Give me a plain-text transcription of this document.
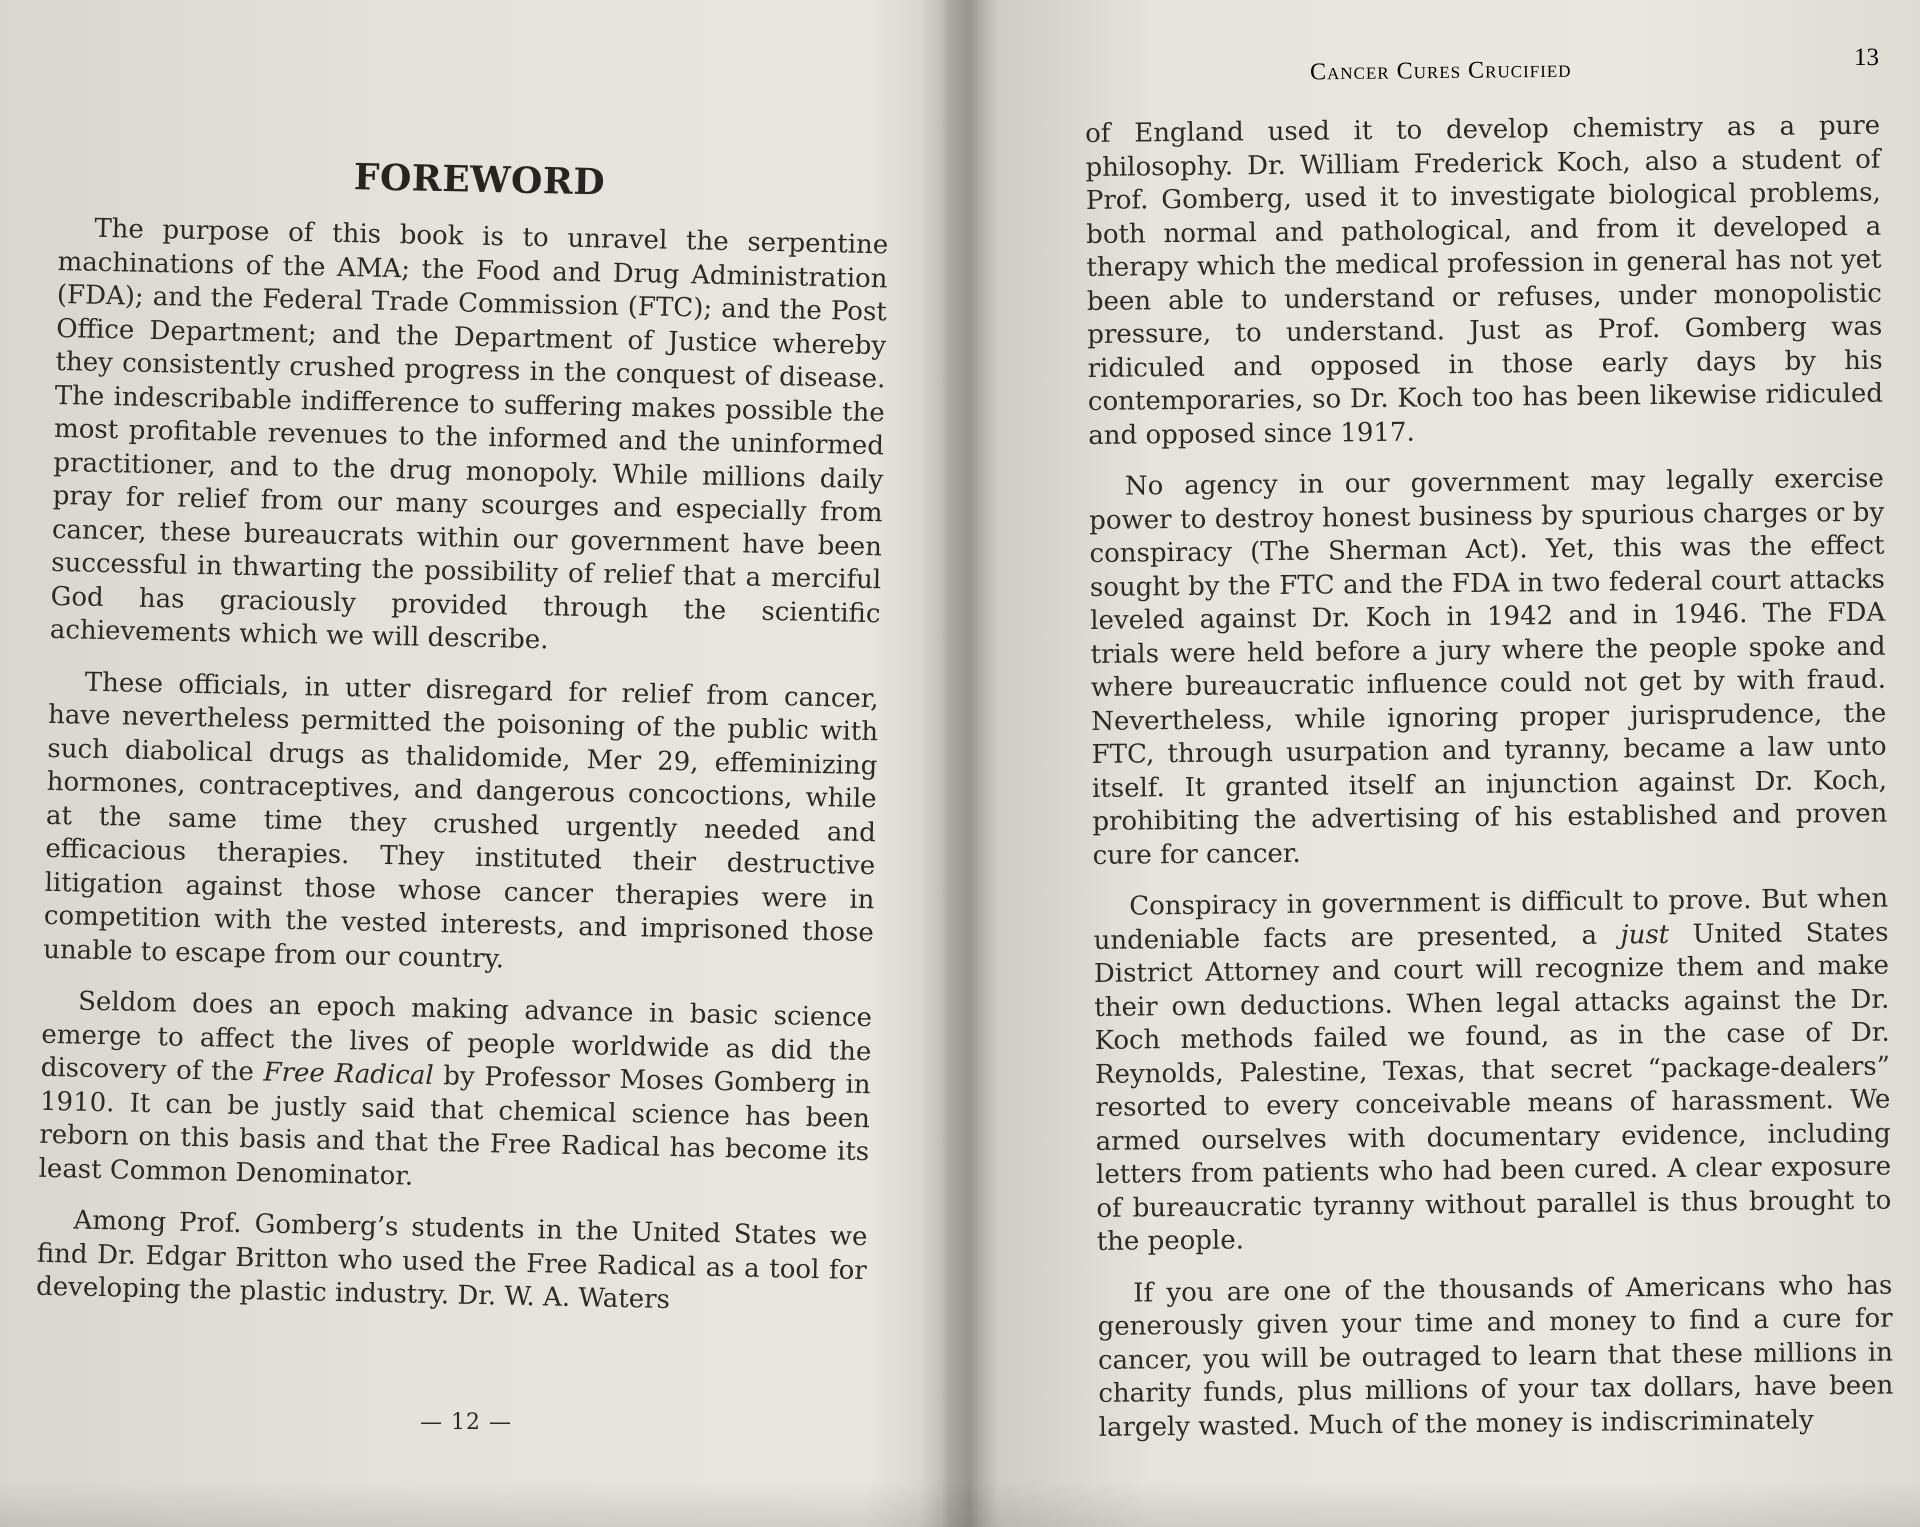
FOREWORD

The purpose of this book is to unravel the serpentine machinations of the AMA; the Food and Drug Administration (FDA); and the Federal Trade Commission (FTC); and the Post Office Department; and the Department of Justice whereby they consistently crushed progress in the conquest of disease. The indescribable indifference to suffering makes possible the most profitable revenues to the informed and the uninformed practitioner, and to the drug monopoly. While millions daily pray for relief from our many scourges and especially from cancer, these bureaucrats within our government have been successful in thwarting the possibility of relief that a merciful God has graciously provided through the scientific achievements which we will describe.

These officials, in utter disregard for relief from cancer, have nevertheless permitted the poisoning of the public with such diabolical drugs as thalidomide, Mer 29, effeminizing hormones, contraceptives, and dangerous concoctions, while at the same time they crushed urgently needed and efficacious therapies. They instituted their destructive litigation against those whose cancer therapies were in competition with the vested interests, and imprisoned those unable to escape from our country.

Seldom does an epoch making advance in basic science emerge to affect the lives of people worldwide as did the discovery of the Free Radical by Professor Moses Gomberg in 1910. It can be justly said that chemical science has been reborn on this basis and that the Free Radical has become its least Common Denominator.

Among Prof. Gomberg’s students in the United States we find Dr. Edgar Britton who used the Free Radical as a tool for developing the plastic industry. Dr. W. A. Waters

— 12 —
Cancer Cures Crucified	13

of England used it to develop chemistry as a pure philosophy. Dr. William Frederick Koch, also a student of Prof. Gomberg, used it to investigate biological problems, both normal and pathological, and from it developed a therapy which the medical profession in general has not yet been able to understand or refuses, under monopolistic pressure, to understand. Just as Prof. Gomberg was ridiculed and opposed in those early days by his contemporaries, so Dr. Koch too has been likewise ridiculed and opposed since 1917.

No agency in our government may legally exercise power to destroy honest business by spurious charges or by conspiracy (The Sherman Act). Yet, this was the effect sought by the FTC and the FDA in two federal court attacks leveled against Dr. Koch in 1942 and in 1946. The FDA trials were held before a jury where the people spoke and where bureaucratic influence could not get by with fraud. Nevertheless, while ignoring proper jurisprudence, the FTC, through usurpation and tyranny, became a law unto itself. It granted itself an injunction against Dr. Koch, prohibiting the advertising of his established and proven cure for cancer.

Conspiracy in government is difficult to prove. But when undeniable facts are presented, a just United States District Attorney and court will recognize them and make their own deductions. When legal attacks against the Dr. Koch methods failed we found, as in the case of Dr. Reynolds, Palestine, Texas, that secret “package-dealers” resorted to every conceivable means of harassment. We armed ourselves with documentary evidence, including letters from patients who had been cured. A clear exposure of bureaucratic tyranny without parallel is thus brought to the people.

If you are one of the thousands of Americans who has generously given your time and money to find a cure for cancer, you will be outraged to learn that these millions in charity funds, plus millions of your tax dollars, have been largely wasted. Much of the money is indiscriminately
